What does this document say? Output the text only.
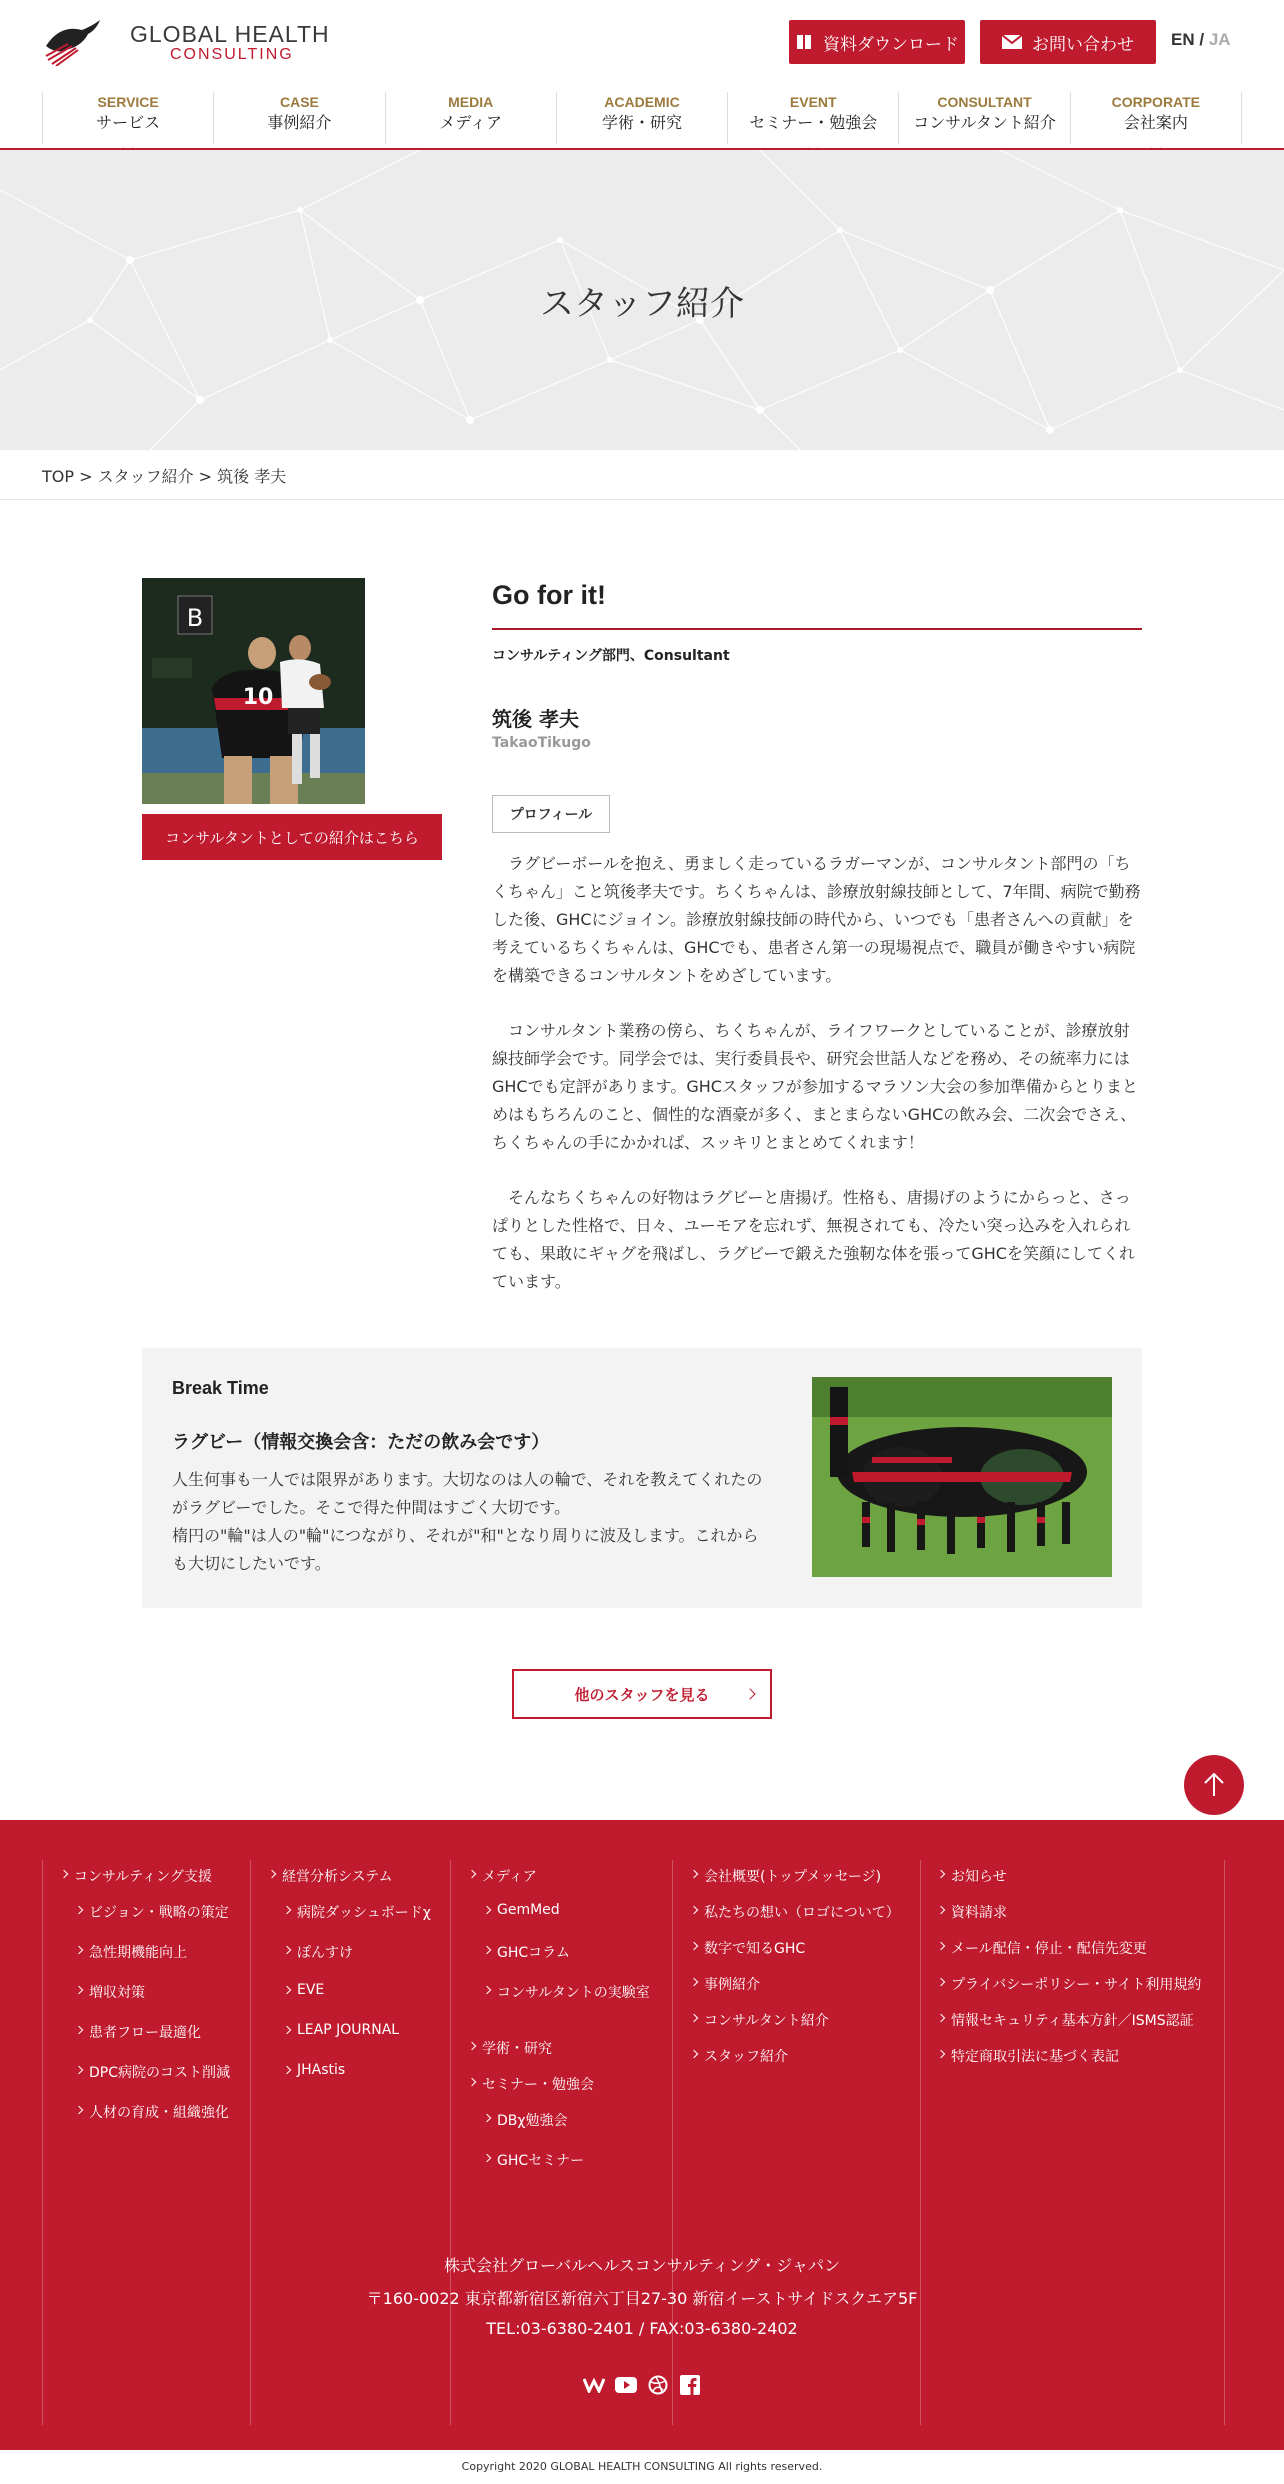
GLOBAL HEALTH
CONSULTING	資料ダウンロード	お問い合わせ EN / JA
SERVICE
サービス
CASE
事例紹介
MEDIA
メディア
ACADEMIC
学術・研究
EVENT
セミナー・勉強会
CONSULTANT
コンサルタント紹介
CORPORATE
会社案内
スタッフ紹介
TOP > スタッフ紹介 > 筑後 孝夫
B
10
コンサルタントとしての紹介はこちら
Go for it!
コンサルティング部門、Consultant
筑後 孝夫
TakaoTikugo
プロフィール

ラグビーボールを抱え、勇ましく走っているラガーマンが、コンサルタント部門の「ちくちゃん」こと筑後孝夫です。ちくちゃんは、診療放射線技師として、7年間、病院で勤務した後、GHCにジョイン。診療放射線技師の時代から、いつでも「患者さんへの貢献」を考えているちくちゃんは、GHCでも、患者さん第一の現場視点で、職員が働きやすい病院を構築できるコンサルタントをめざしています。

コンサルタント業務の傍ら、ちくちゃんが、ライフワークとしていることが、診療放射線技師学会です。同学会では、実行委員長や、研究会世話人などを務め、その統率力にはGHCでも定評があります。GHCスタッフが参加するマラソン大会の参加準備からとりまとめはもちろんのこと、個性的な酒豪が多く、まとまらないGHCの飲み会、二次会でさえ、ちくちゃんの手にかかれば、スッキリとまとめてくれます！

そんなちくちゃんの好物はラグビーと唐揚げ。性格も、唐揚げのようにからっと、さっぱりとした性格で、日々、ユーモアを忘れず、無視されても、冷たい突っ込みを入れられても、果敢にギャグを飛ばし、ラグビーで鍛えた強靭な体を張ってGHCを笑顔にしてくれています。

Break Time
ラグビー（情報交換会含：ただの飲み会です）
人生何事も一人では限界があります。大切なのは人の輪で、それを教えてくれたのがラグビーでした。そこで得た仲間はすごく大切です。
楕円の"輪"は人の"輪"につながり、それが"和"となり周りに波及します。これからも大切にしたいです。
他のスタッフを見る
コンサルティング支援
ビジョン・戦略の策定
急性期機能向上
増収対策
患者フロー最適化
DPC病院のコスト削減
人材の育成・組織強化
経営分析システム
病院ダッシュボードχ
ぽんすけ
EVE
LEAP JOURNAL
JHAstis
メディア
GemMed
GHCコラム
コンサルタントの実験室
学術・研究
セミナー・勉強会
DBχ勉強会
GHCセミナー
会社概要(トップメッセージ)
私たちの想い（ロゴについて）
数字で知るGHC
事例紹介
コンサルタント紹介
スタッフ紹介
お知らせ
資料請求
メール配信・停止・配信先変更
プライバシーポリシー・サイト利用規約
情報セキュリティ基本方針／ISMS認証
特定商取引法に基づく表記
株式会社グローバルヘルスコンサルティング・ジャパン
〒160-0022 東京都新宿区新宿六丁目27-30 新宿イーストサイドスクエア5F
TEL:03-6380-2401 / FAX:03-6380-2402
Copyright 2020 GLOBAL HEALTH CONSULTING All rights reserved.
